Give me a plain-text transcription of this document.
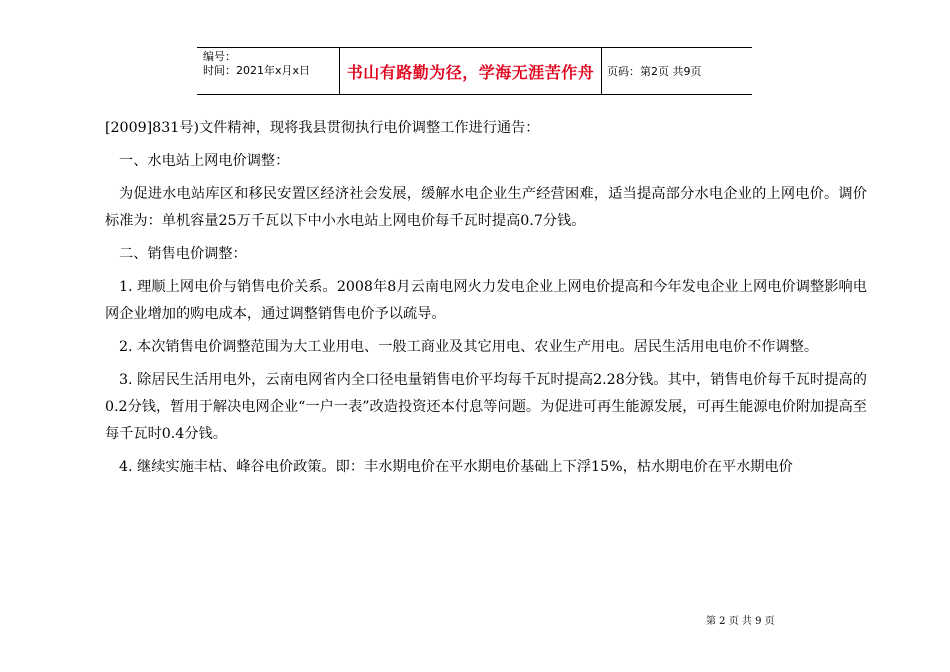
编号：
时间：2021年x月x日	书山有路勤为径，学海无涯苦作舟 页码：第2页 共9页

[2009]831号)文件精神，现将我县贯彻执行电价调整工作进行通告：

一、水电站上网电价调整：

为促进水电站库区和移民安置区经济社会发展，缓解水电企业生产经营困难，适当提高部分水电企业的上网电价。调价标准为：单机容量25万千瓦以下中小水电站上网电价每千瓦时提高0.7分钱。

二、销售电价调整：

1. 理顺上网电价与销售电价关系。2008年8月云南电网火力发电企业上网电价提高和今年发电企业上网电价调整影响电网企业增加的购电成本，通过调整销售电价予以疏导。

2. 本次销售电价调整范围为大工业用电、一般工商业及其它用电、农业生产用电。居民生活用电电价不作调整。

3. 除居民生活用电外，云南电网省内全口径电量销售电价平均每千瓦时提高2.28分钱。其中，销售电价每千瓦时提高的0.2分钱，暂用于解决电网企业“一户一表”改造投资还本付息等问题。为促进可再生能源发展，可再生能源电价附加提高至每千瓦时0.4分钱。

4. 继续实施丰枯、峰谷电价政策。即：丰水期电价在平水期电价基础上下浮15%，枯水期电价在平水期电价

第 2 页 共 9 页
